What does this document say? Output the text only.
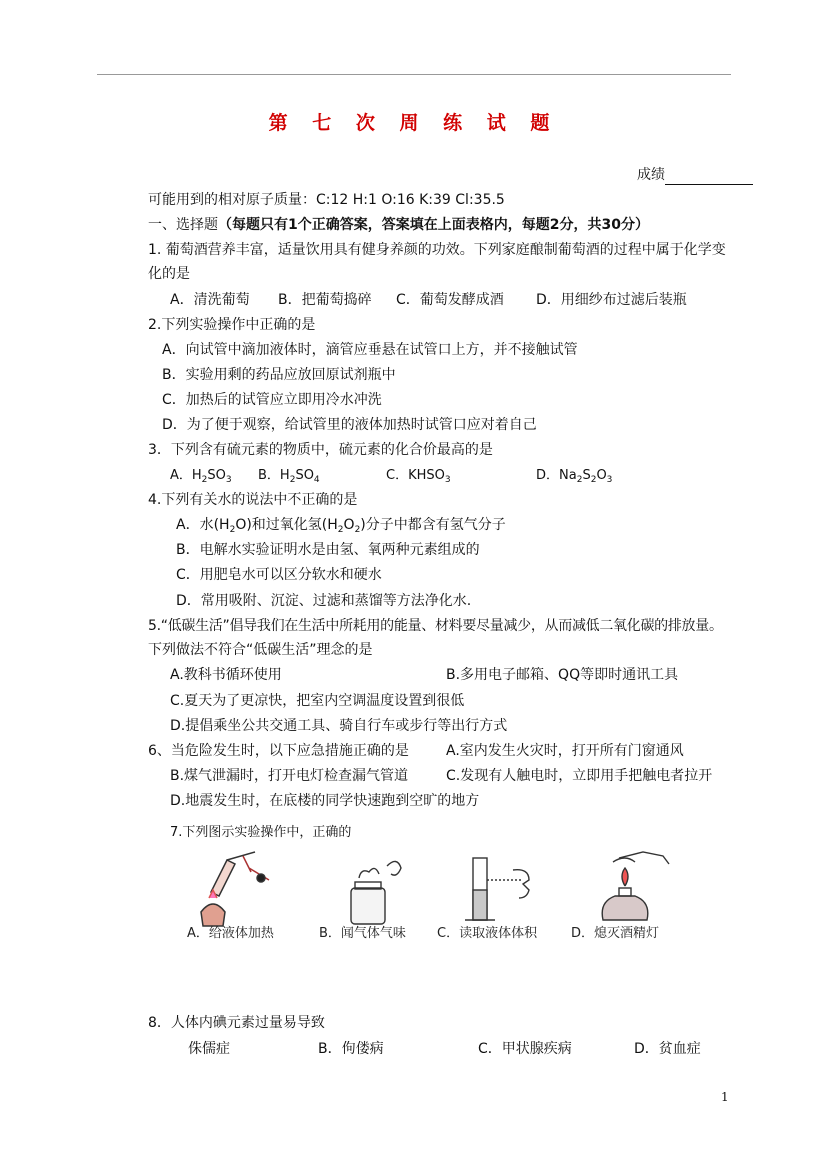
第 七 次 周 练 试 题
成绩
可能用到的相对原子质量：C:12 H:1 O:16 K:39 Cl:35.5
一、选择题（每题只有1个正确答案，答案填在上面表格内，每题2分，共30分）
1. 葡萄酒营养丰富，适量饮用具有健身养颜的功效。下列家庭酿制葡萄酒的过程中属于化学变
化的是
A．清洗葡萄 B．把葡萄捣碎 C．葡萄发酵成酒 D．用细纱布过滤后装瓶
2.下列实验操作中正确的是
A．向试管中滴加液体时，滴管应垂悬在试管口上方，并不接触试管
B．实验用剩的药品应放回原试剂瓶中
C．加热后的试管应立即用冷水冲洗
D．为了便于观察，给试管里的液体加热时试管口应对着自己
3．下列含有硫元素的物质中，硫元素的化合价最高的是
A．$H_2SO_3$ B．$H_2SO_4$	C．$KHSO_3$	D．$Na_2S_2O_3$
4.下列有关水的说法中不正确的是
A．水$(H_2O)$和过氧化氢$(H_2O_2)$分子中都含有氢气分子
B．电解水实验证明水是由氢、氧两种元素组成的
C．用肥皂水可以区分软水和硬水
D．常用吸附、沉淀、过滤和蒸馏等方法净化水.
5.“低碳生活”倡导我们在生活中所耗用的能量、材料要尽量减少，从而减低二氧化碳的排放量。
下列做法不符合“低碳生活”理念的是
A.教科书循环使用	B.多用电子邮箱、QQ等即时通讯工具
C.夏天为了更凉快，把室内空调温度设置到很低
D.提倡乘坐公共交通工具、骑自行车或步行等出行方式
6、当危险发生时，以下应急措施正确的是	A.室内发生火灾时，打开所有门窗通风
B.煤气泄漏时，打开电灯检查漏气管道	C.发现有人触电时，立即用手把触电者拉开
D.地震发生时，在底楼的同学快速跑到空旷的地方
7.下列图示实验操作中，正确的
A．给液体加热	B．闻气体气味 C．读取液体体积	D．熄灭酒精灯
8．人体内碘元素过量易导致
侏儒症	B．佝偻病	C．甲状腺疾病	D．贫血症
1
